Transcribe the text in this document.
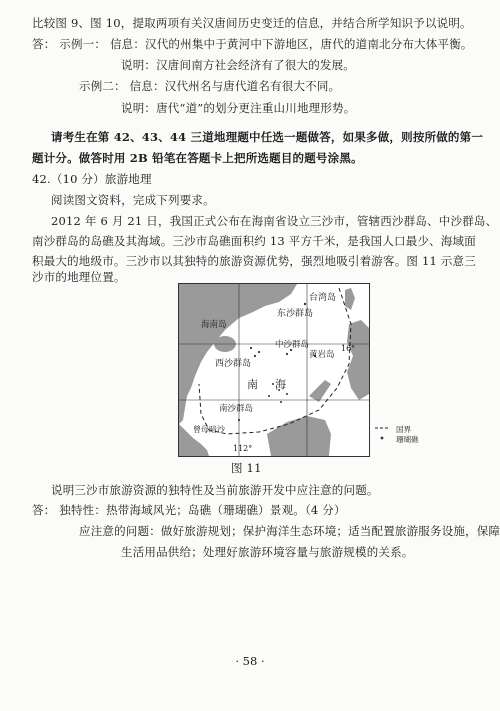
比较图 9、图 10，提取两项有关汉唐间历史变迁的信息，并结合所学知识予以说明。
答： 示例一： 信息：汉代的州集中于黄河中下游地区，唐代的道南北分布大体平衡。
说明：汉唐间南方社会经济有了很大的发展。
示例二： 信息：汉代州名与唐代道名有很大不同。
说明：唐代“道”的划分更注重山川地理形势。
请考生在第 42、43、44 三道地理题中任选一题做答，如果多做，则按所做的第一
题计分。做答时用 2B 铅笔在答题卡上把所选题目的题号涂黑。
42.（10 分）旅游地理
阅读图文资料，完成下列要求。
2012 年 6 月 21 日，我国正式公布在海南省设立三沙市，管辖西沙群岛、中沙群岛、
南沙群岛的岛礁及其海域。三沙市岛礁面积约 13 平方千米，是我国人口最少、海域面
积最大的地级市。三沙市以其独特的旅游资源优势，强烈地吸引着游客。图 11 示意三
沙市的地理位置。
台湾岛
东沙群岛
海南岛
中沙群岛
西沙群岛
黄岩岛
16°
南 海
南沙群岛
曾母暗沙
112°
国界
珊瑚礁
图 11
说明三沙市旅游资源的独特性及当前旅游开发中应注意的问题。
答： 独特性：热带海域风光；岛礁（珊瑚礁）景观。（4 分）
应注意的问题：做好旅游规划；保护海洋生态环境；适当配置旅游服务设施，保障
生活用品供给；处理好旅游环境容量与旅游规模的关系。
· 58 ·
